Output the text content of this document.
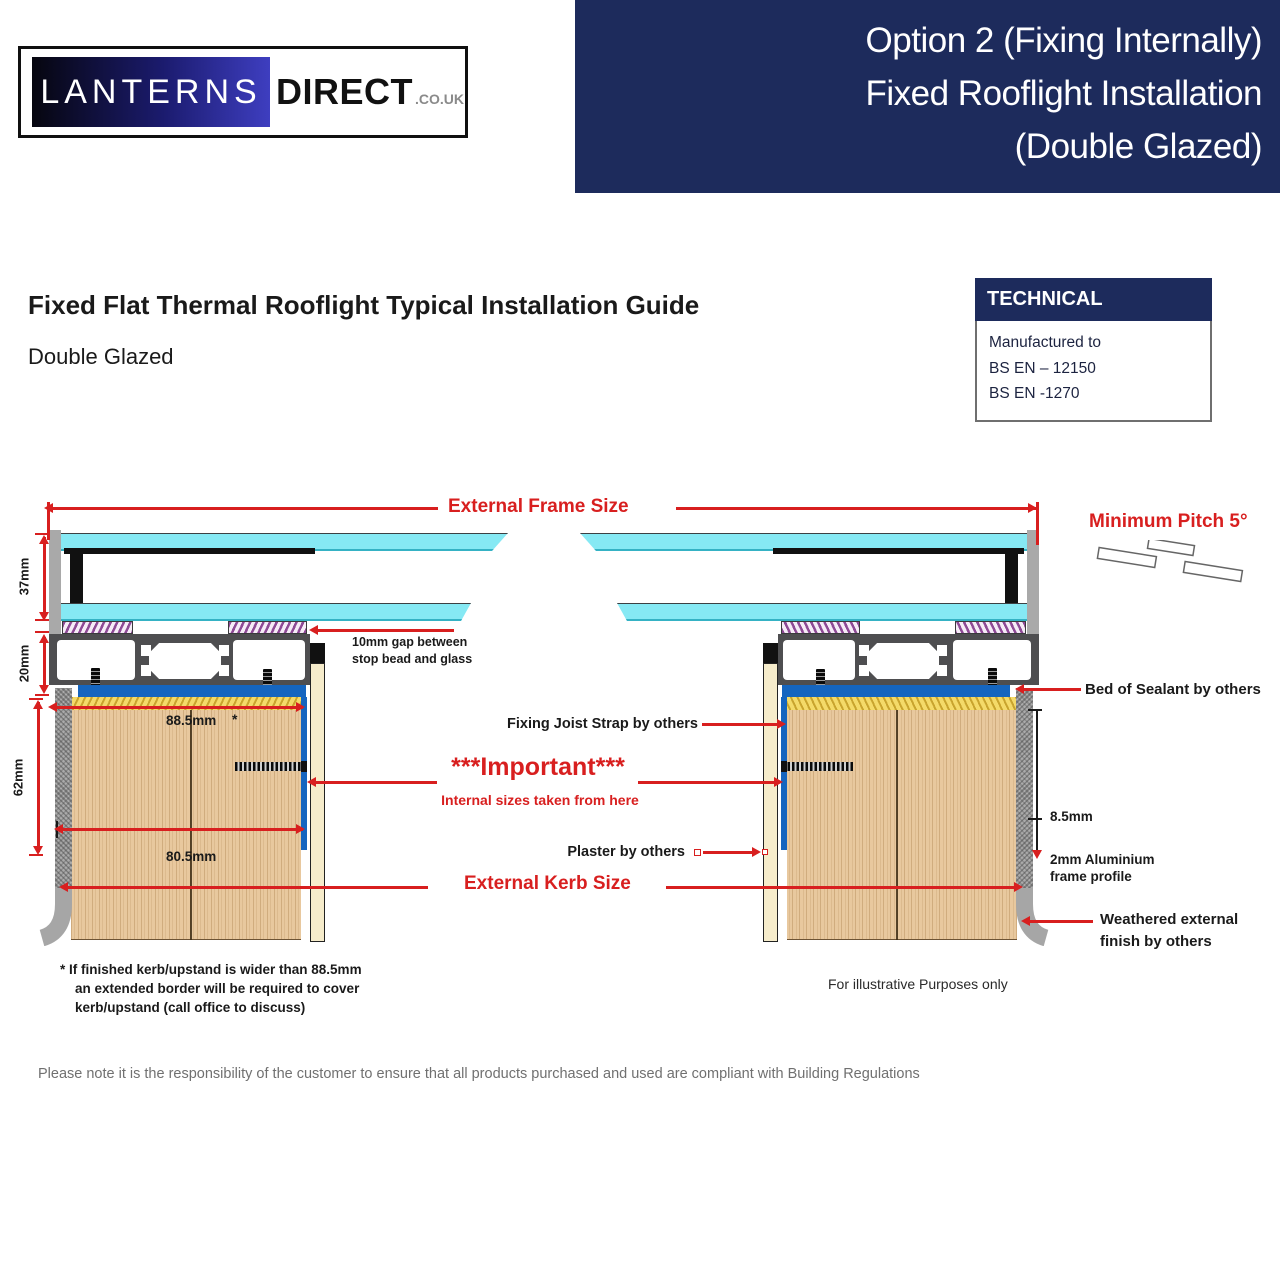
Option 2 (Fixing Internally)
Fixed Rooflight Installation
(Double Glazed)
LANTERNS DIRECT .CO.UK
Fixed Flat Thermal Rooflight Typical Installation Guide
Double Glazed
TECHNICAL
Manufactured to
BS EN – 12150
BS EN -1270
External Frame Size
37mm
20mm
62mm
88.5mm *
80.5mm
10mm gap between
stop bead and glass
Fixing Joist Strap by others
***Important***
Internal sizes taken from here
Plaster by others
External Kerb Size
Minimum Pitch 5°
Bed of Sealant by others
8.5mm
2mm Aluminium
frame profile
Weathered external
finish by others
* If finished kerb/upstand is wider than 88.5mm
an extended border will be required to cover
kerb/upstand (call office to discuss)
For illustrative Purposes only
Please note it is the responsibility of the customer to ensure that all products purchased and used are compliant with Building Regulations
